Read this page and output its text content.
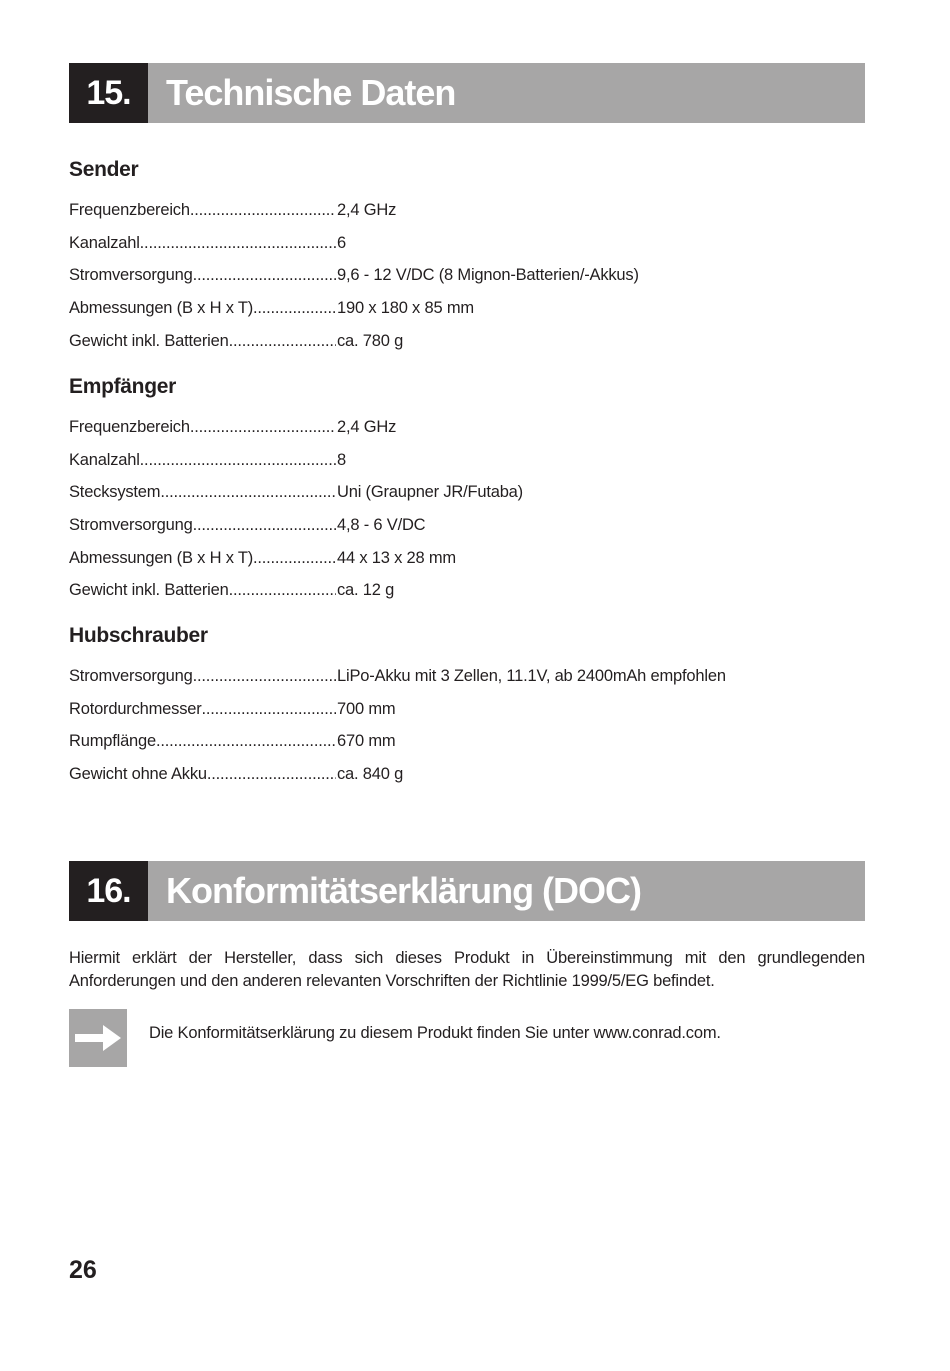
15. Technische Daten
Sender
Frequenzbereich .....	2,4 GHz
Kanalzahl .....	6
Stromversorgung .....	9,6 - 12 V/DC (8 Mignon-Batterien/-Akkus)
Abmessungen (B x H x T) .....	190 x 180 x 85 mm
Gewicht inkl. Batterien .....	ca. 780 g
Empfänger
Frequenzbereich .....	2,4 GHz
Kanalzahl .....	8
Stecksystem .....	Uni (Graupner JR/Futaba)
Stromversorgung .....	4,8 - 6 V/DC
Abmessungen (B x H x T) .....	44 x 13 x 28 mm
Gewicht inkl. Batterien .....	ca. 12 g
Hubschrauber
Stromversorgung .....	LiPo-Akku mit 3 Zellen, 11.1V, ab 2400mAh empfohlen
Rotordurchmesser .....	700 mm
Rumpflänge .....	670 mm
Gewicht ohne Akku .....	ca. 840 g
16. Konformitätserklärung (DOC)
Hiermit erklärt der Hersteller, dass sich dieses Produkt in Übereinstimmung mit den grundlegenden Anforderungen und den anderen relevanten Vorschriften der Richtlinie 1999/5/EG befindet.
Die Konformitätserklärung zu diesem Produkt finden Sie unter www.conrad.com.
26
